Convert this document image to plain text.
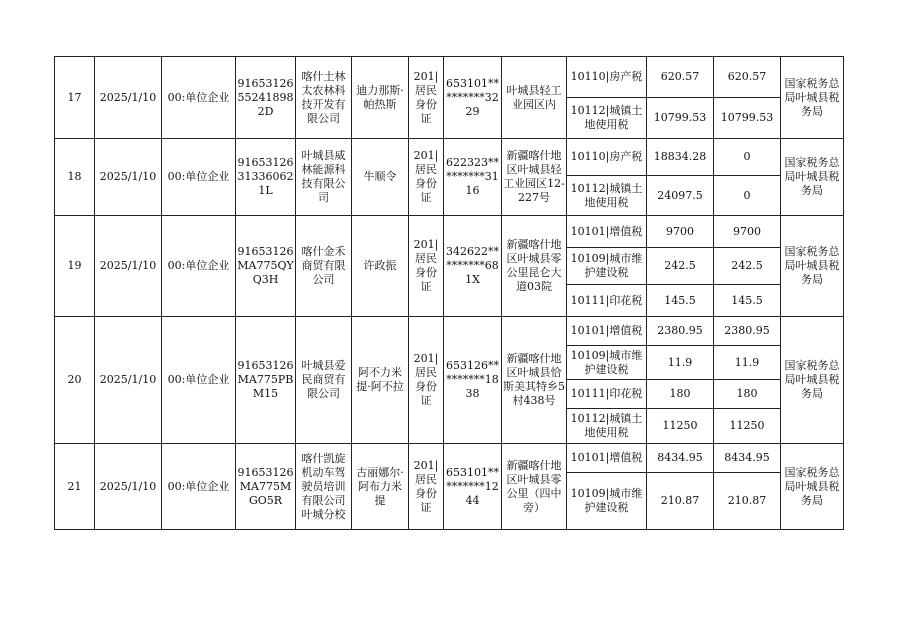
17	2025/1/10	00:单位企业	91653126552418982D	喀什土林太农林科技开发有限公司	迪力那斯·帕热斯	201|居民身份证	653101*********3229	叶城县轻工业园区内	10110|房产税	620.57	620.57	国家税务总局叶城县税务局
									10112|城镇土地使用税	10799.53	10799.53	
18	2025/1/10	00:单位企业	91653126313360621L	叶城县威林能源科技有限公司	牛顺令	201|居民身份证	622323*********3116	新疆喀什地区叶城县轻工业园区12-227号	10110|房产税	18834.28	0	国家税务总局叶城县税务局
									10112|城镇土地使用税	24097.5	0	
19	2025/1/10	00:单位企业	91653126MA775QYQ3H	喀什金禾商贸有限公司	许政振	201|居民身份证	342622*********681X	新疆喀什地区叶城县零公里昆仑大道03院	10101|增值税	9700	9700	国家税务总局叶城县税务局
									10109|城市维护建设税	242.5	242.5	
									10111|印花税	145.5	145.5	
20	2025/1/10	00:单位企业	91653126MA775PBM15	叶城县爱民商贸有限公司	阿不力米提·阿不拉	201|居民身份证	653126*********1838	新疆喀什地区叶城县恰斯美其特乡5村438号	10101|增值税	2380.95	2380.95	国家税务总局叶城县税务局
									10109|城市维护建设税	11.9	11.9	
									10111|印花税	180	180	
									10112|城镇土地使用税	11250	11250	
21	2025/1/10	00:单位企业	91653126MA775MGO5R	喀什凯旋机动车驾驶员培训有限公司叶城分校	古丽娜尔·阿布力米提	201|居民身份证	653101*********1244	新疆喀什地区叶城县零公里（四中旁）	10101|增值税	8434.95	8434.95	国家税务总局叶城县税务局
									10109|城市维护建设税	210.87	210.87	
